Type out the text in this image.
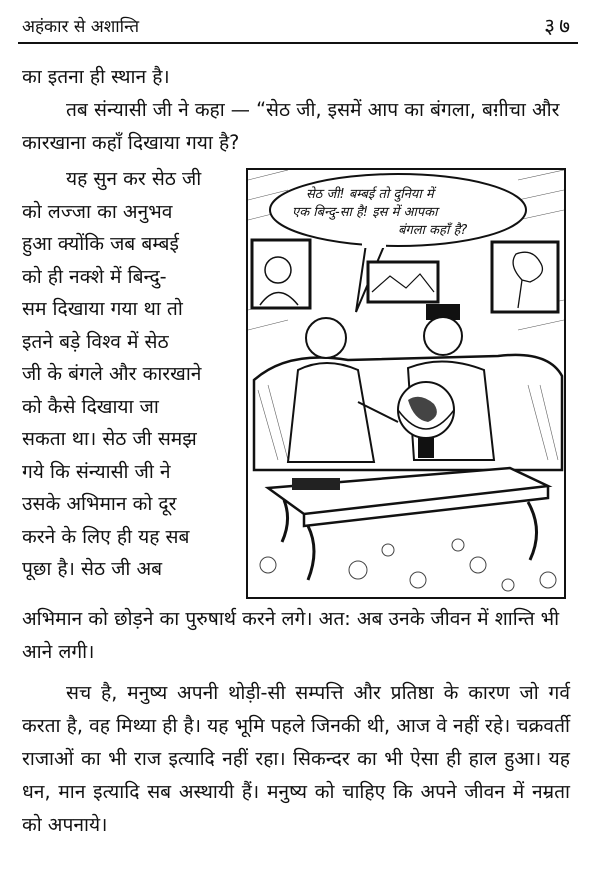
अहंकार से अशान्ति	३७
का इतना ही स्थान है।
तब संन्यासी जी ने कहा — “सेठ जी, इसमें आप का बंगला, बग़ीचा और कारखाना कहाँ दिखाया गया है?
यह सुन कर सेठ जी
को लज्जा का अनुभव
हुआ क्योंकि जब बम्बई
को ही नक्शे में बिन्दु-
सम दिखाया गया था तो
इतने बड़े विश्व में सेठ
जी के बंगले और कारखाने
को कैसे दिखाया जा
सकता था। सेठ जी समझ
गये कि संन्यासी जी ने
उसके अभिमान को दूर
करने के लिए ही यह सब
पूछा है। सेठ जी अब
सेठ जी! बम्बई तो दुनिया में
एक बिन्दु-सा है! इस में आपका
बंगला कहाँ है?
अभिमान को छोड़ने का पुरुषार्थ करने लगे। अत: अब उनके जीवन में शान्ति भी आने लगी।
सच है, मनुष्य अपनी थोड़ी-सी सम्पत्ति और प्रतिष्ठा के कारण जो गर्व करता है, वह मिथ्या ही है। यह भूमि पहले जिनकी थी, आज वे नहीं रहे। चक्रवर्ती राजाओं का भी राज इत्यादि नहीं रहा। सिकन्दर का भी ऐसा ही हाल हुआ। यह धन, मान इत्यादि सब अस्थायी हैं। मनुष्य को चाहिए कि अपने जीवन में नम्रता को अपनाये।
